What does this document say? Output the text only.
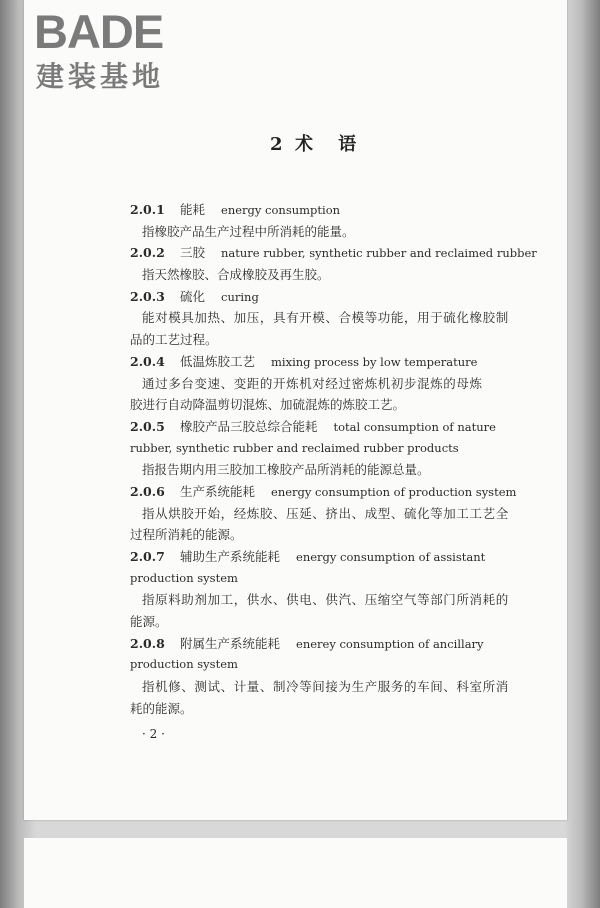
BADE

建装基地

2  术    语
2.0.1 能耗 energy consumption
指橡胶产品生产过程中所消耗的能量。
2.0.2 三胶 nature rubber, synthetic rubber and reclaimed rubber
指天然橡胶、合成橡胶及再生胶。
2.0.3 硫化 curing
能对模具加热、加压，具有开模、合模等功能，用于硫化橡胶制
品的工艺过程。
2.0.4 低温炼胶工艺 mixing process by low temperature
通过多台变速、变距的开炼机对经过密炼机初步混炼的母炼
胶进行自动降温剪切混炼、加硫混炼的炼胶工艺。
2.0.5 橡胶产品三胶总综合能耗 total consumption of nature
rubber, synthetic rubber and reclaimed rubber products
指报告期内用三胶加工橡胶产品所消耗的能源总量。
2.0.6 生产系统能耗 energy consumption of production system
指从烘胶开始，经炼胶、压延、挤出、成型、硫化等加工工艺全
过程所消耗的能源。
2.0.7 辅助生产系统能耗 energy consumption of assistant
production system
指原料助剂加工，供水、供电、供汽、压缩空气等部门所消耗的
能源。
2.0.8 附属生产系统能耗 enerey consumption of ancillary
production system
指机修、测试、计量、制冷等间接为生产服务的车间、科室所消
耗的能源。

· 2 ·
